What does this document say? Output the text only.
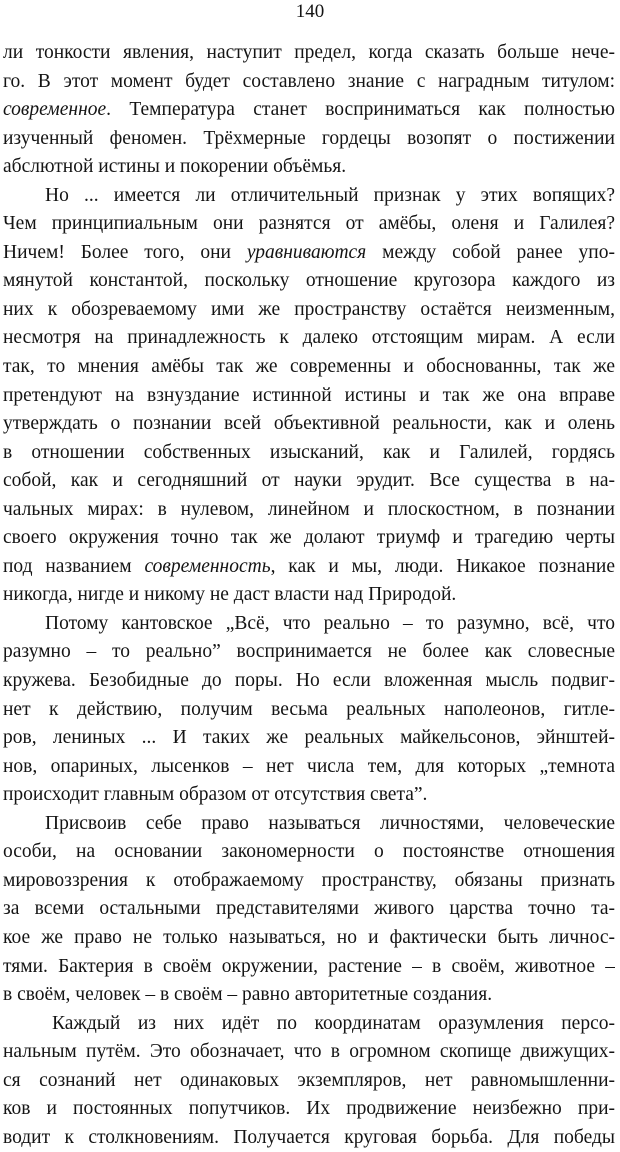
140
ли тонкости явления, наступит предел, когда сказать больше нече-
го. В этот момент будет составлено знание с наградным титулом:
современное. Температура станет восприниматься как полностью
изученный феномен. Трёхмерные гордецы возопят о постижении
абслютной истины и покорении объёмья.
Но ... имеется ли отличительный признак у этих вопящих?
Чем принципиальным они разнятся от амёбы, оленя и Галилея?
Ничем! Более того, они уравниваются между собой ранее упо-
мянутой константой, поскольку отношение кругозора каждого из
них к обозреваемому ими же пространству остаётся неизменным,
несмотря на принадлежность к далеко отстоящим мирам. А если
так, то мнения амёбы так же современны и обоснованны, так же
претендуют на взнуздание истинной истины и так же она вправе
утверждать о познании всей объективной реальности, как и олень
в отношении собственных изысканий, как и Галилей, гордясь
собой, как и сегодняшний от науки эрудит. Все существа в на-
чальных мирах: в нулевом, линейном и плоскостном, в познании
своего окружения точно так же долают триумф и трагедию черты
под названием современность, как и мы, люди. Никакое познание
никогда, нигде и никому не даст власти над Природой.
Потому кантовское „Всё, что реально – то разумно, всё, что
разумно – то реально” воспринимается не более как словесные
кружева. Безобидные до поры. Но если вложенная мысль подвиг-
нет к действию, получим весьма реальных наполеонов, гитле-
ров, лениных ... И таких же реальных майкельсонов, эйнштей-
нов, опариных, лысенков – нет числа тем, для которых „темнота
происходит главным образом от отсутствия света”.
Присвоив себе право называться личностями, человеческие
особи, на основании закономерности о постоянстве отношения
мировоззрения к отображаемому пространству, обязаны признать
за всеми остальными представителями живого царства точно та-
кое же право не только называться, но и фактически быть личнос-
тями. Бактерия в своём окружении, растение – в своём, животное –
в своём, человек – в своём – равно авторитетные создания.
Каждый из них идёт по координатам оразумления персо-
нальным путём. Это обозначает, что в огромном скопище движущих-
ся сознаний нет одинаковых экземпляров, нет равномышленни-
ков и постоянных попутчиков. Их продвижение неизбежно при-
водит к столкновениям. Получается круговая борьба. Для победы
